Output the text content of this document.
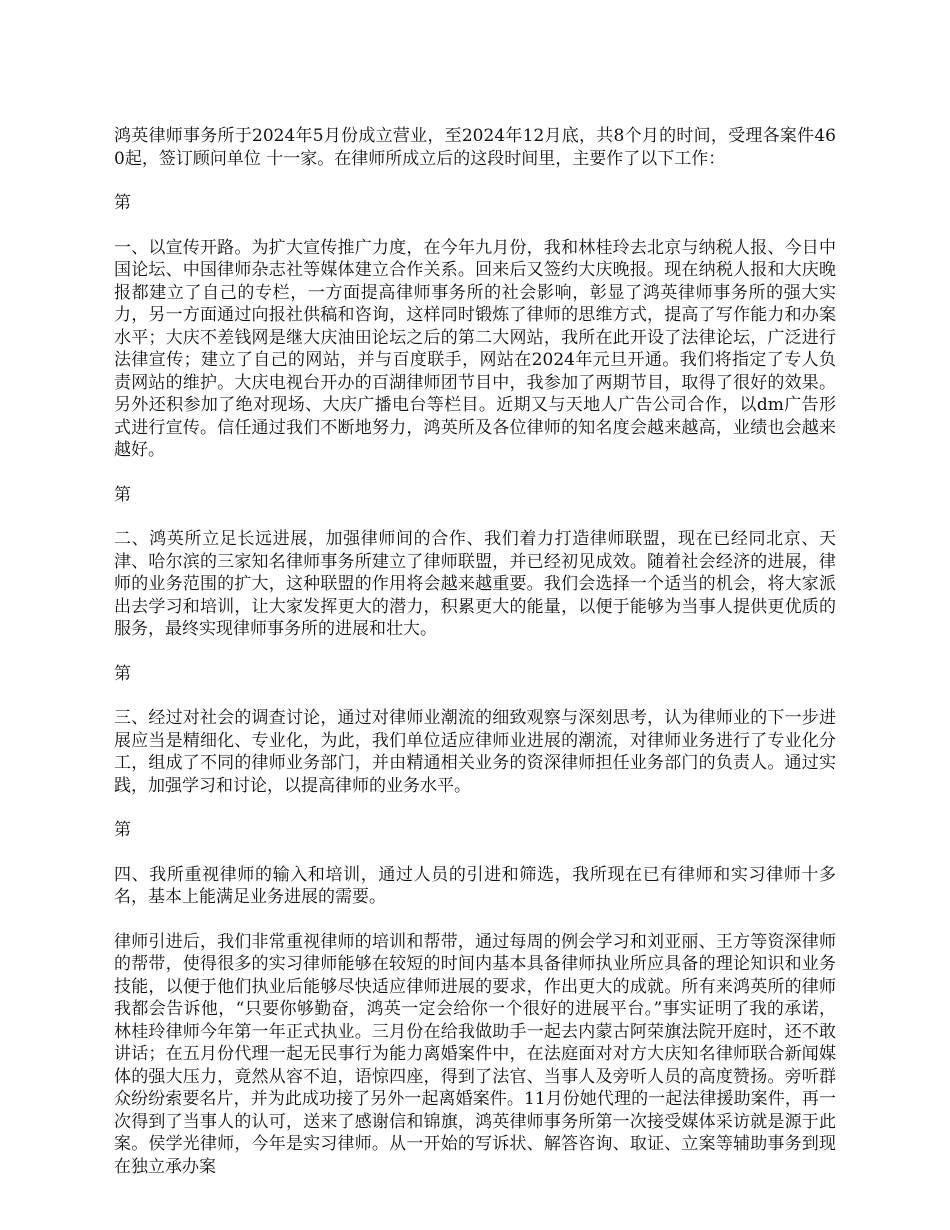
鸿英律师事务所于2024年5月份成立营业，至2024年12月底，共8个月的时间，受理各案件460起，签订顾问单位 十一家。在律师所成立后的这段时间里，主要作了以下工作：

第

一、以宣传开路。为扩大宣传推广力度，在今年九月份，我和林桂玲去北京与纳税人报、今日中国论坛、中国律师杂志社等媒体建立合作关系。回来后又签约大庆晚报。现在纳税人报和大庆晚报都建立了自己的专栏，一方面提高律师事务所的社会影响，彰显了鸿英律师事务所的强大实力，另一方面通过向报社供稿和咨询，这样同时锻炼了律师的思维方式，提高了写作能力和办案水平；大庆不差钱网是继大庆油田论坛之后的第二大网站，我所在此开设了法律论坛，广泛进行法律宣传；建立了自己的网站，并与百度联手，网站在2024年元旦开通。我们将指定了专人负责网站的维护。大庆电视台开办的百湖律师团节目中，我参加了两期节目，取得了很好的效果。另外还积参加了绝对现场、大庆广播电台等栏目。近期又与天地人广告公司合作，以dm广告形式进行宣传。信任通过我们不断地努力，鸿英所及各位律师的知名度会越来越高，业绩也会越来越好。

第

二、鸿英所立足长远进展，加强律师间的合作、我们着力打造律师联盟，现在已经同北京、天津、哈尔滨的三家知名律师事务所建立了律师联盟，并已经初见成效。随着社会经济的进展，律师的业务范围的扩大，这种联盟的作用将会越来越重要。我们会选择一个适当的机会，将大家派出去学习和培训，让大家发挥更大的潜力，积累更大的能量，以便于能够为当事人提供更优质的服务，最终实现律师事务所的进展和壮大。

第

三、经过对社会的调查讨论，通过对律师业潮流的细致观察与深刻思考，认为律师业的下一步进展应当是精细化、专业化，为此，我们单位适应律师业进展的潮流，对律师业务进行了专业化分工，组成了不同的律师业务部门，并由精通相关业务的资深律师担任业务部门的负责人。通过实践，加强学习和讨论，以提高律师的业务水平。

第

四、我所重视律师的输入和培训，通过人员的引进和筛选，我所现在已有律师和实习律师十多名，基本上能满足业务进展的需要。

律师引进后，我们非常重视律师的培训和帮带，通过每周的例会学习和刘亚丽、王方等资深律师的帮带，使得很多的实习律师能够在较短的时间内基本具备律师执业所应具备的理论知识和业务技能，以便于他们执业后能够尽快适应律师进展的要求，作出更大的成就。所有来鸿英所的律师我都会告诉他，“只要你够勤奋，鸿英一定会给你一个很好的进展平台。”事实证明了我的承诺，林桂玲律师今年第一年正式执业。三月份在给我做助手一起去内蒙古阿荣旗法院开庭时，还不敢讲话；在五月份代理一起无民事行为能力离婚案件中，在法庭面对对方大庆知名律师联合新闻媒体的强大压力，竟然从容不迫，语惊四座，得到了法官、当事人及旁听人员的高度赞扬。旁听群众纷纷索要名片，并为此成功接了另外一起离婚案件。11月份她代理的一起法律援助案件，再一次得到了当事人的认可，送来了感谢信和锦旗，鸿英律师事务所第一次接受媒体采访就是源于此案。侯学光律师，今年是实习律师。从一开始的写诉状、解答咨询、取证、立案等辅助事务到现在独立承办案
